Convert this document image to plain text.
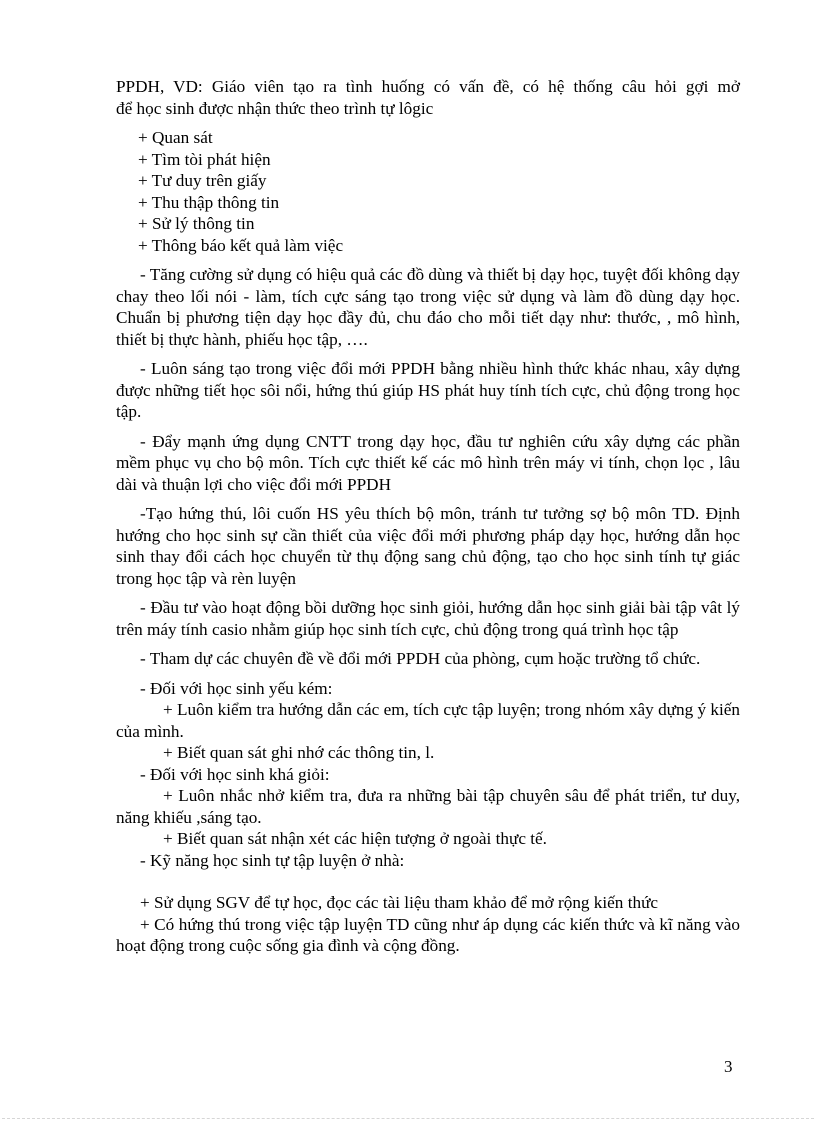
PPDH, VD: Giáo viên tạo ra tình huống có vấn đề, có hệ thống câu hỏi gợi mở

để học sinh được nhận thức theo trình tự lôgic

+ Quan sát

+ Tìm tòi phát hiện

+ Tư duy trên giấy

+ Thu thập thông tin

+ Sử lý thông tin

+ Thông báo kết quả làm việc

- Tăng cường sử dụng có hiệu quả các đồ dùng và thiết bị dạy học, tuyệt đối không dạy chay theo lối nói - làm, tích cực sáng tạo trong việc sử dụng và làm đồ dùng dạy học. Chuẩn bị phương tiện dạy học đầy đủ, chu đáo cho mỗi tiết dạy như: thước, , mô hình, thiết bị thực hành, phiếu học tập, ….

- Luôn sáng tạo trong việc đổi mới PPDH bằng nhiều hình thức khác nhau, xây dựng được những tiết học sôi nổi, hứng thú giúp HS phát huy tính tích cực, chủ động trong học tập.

- Đẩy mạnh ứng dụng CNTT trong dạy học, đầu tư nghiên cứu xây dựng các phần mềm phục vụ cho bộ môn. Tích cực thiết kế các mô hình trên máy vi tính, chọn lọc , lâu dài và thuận lợi cho việc đổi mới PPDH

-Tạo hứng thú, lôi cuốn HS yêu thích bộ môn, tránh tư tưởng sợ bộ môn TD. Định hướng cho học sinh sự cần thiết của việc đổi mới phương pháp dạy học, hướng dẫn học sinh thay đổi cách học chuyển từ thụ động sang chủ động, tạo cho học sinh tính tự giác trong học tập và rèn luyện

- Đầu tư vào hoạt động bồi dưỡng học sinh giỏi, hướng dẫn học sinh giải bài tập vât lý trên máy tính casio nhằm giúp học sinh tích cực, chủ động trong quá trình học tập

- Tham dự các chuyên đề về đổi mới PPDH của phòng, cụm hoặc trường tổ chức.

- Đối với học sinh yếu kém:

+ Luôn kiểm tra hướng dẫn các em, tích cực tập luyện; trong nhóm xây dựng ý kiến của mình.

+ Biết quan sát ghi nhớ các thông tin, l.

- Đối với học sinh khá giỏi:

+ Luôn nhắc nhở kiểm tra, đưa ra những bài tập chuyên sâu để phát triển, tư duy, năng khiếu ,sáng tạo.

+ Biết quan sát nhận xét các hiện tượng ở ngoài thực tế.

- Kỹ năng học sinh tự tập luyện ở nhà:

+ Sử dụng SGV để tự học, đọc các tài liệu tham khảo để mở rộng kiến thức

+ Có hứng thú trong việc tập luyện TD cũng như áp dụng các kiến thức và kĩ năng vào hoạt động trong cuộc sống gia đình và cộng đồng.

3
